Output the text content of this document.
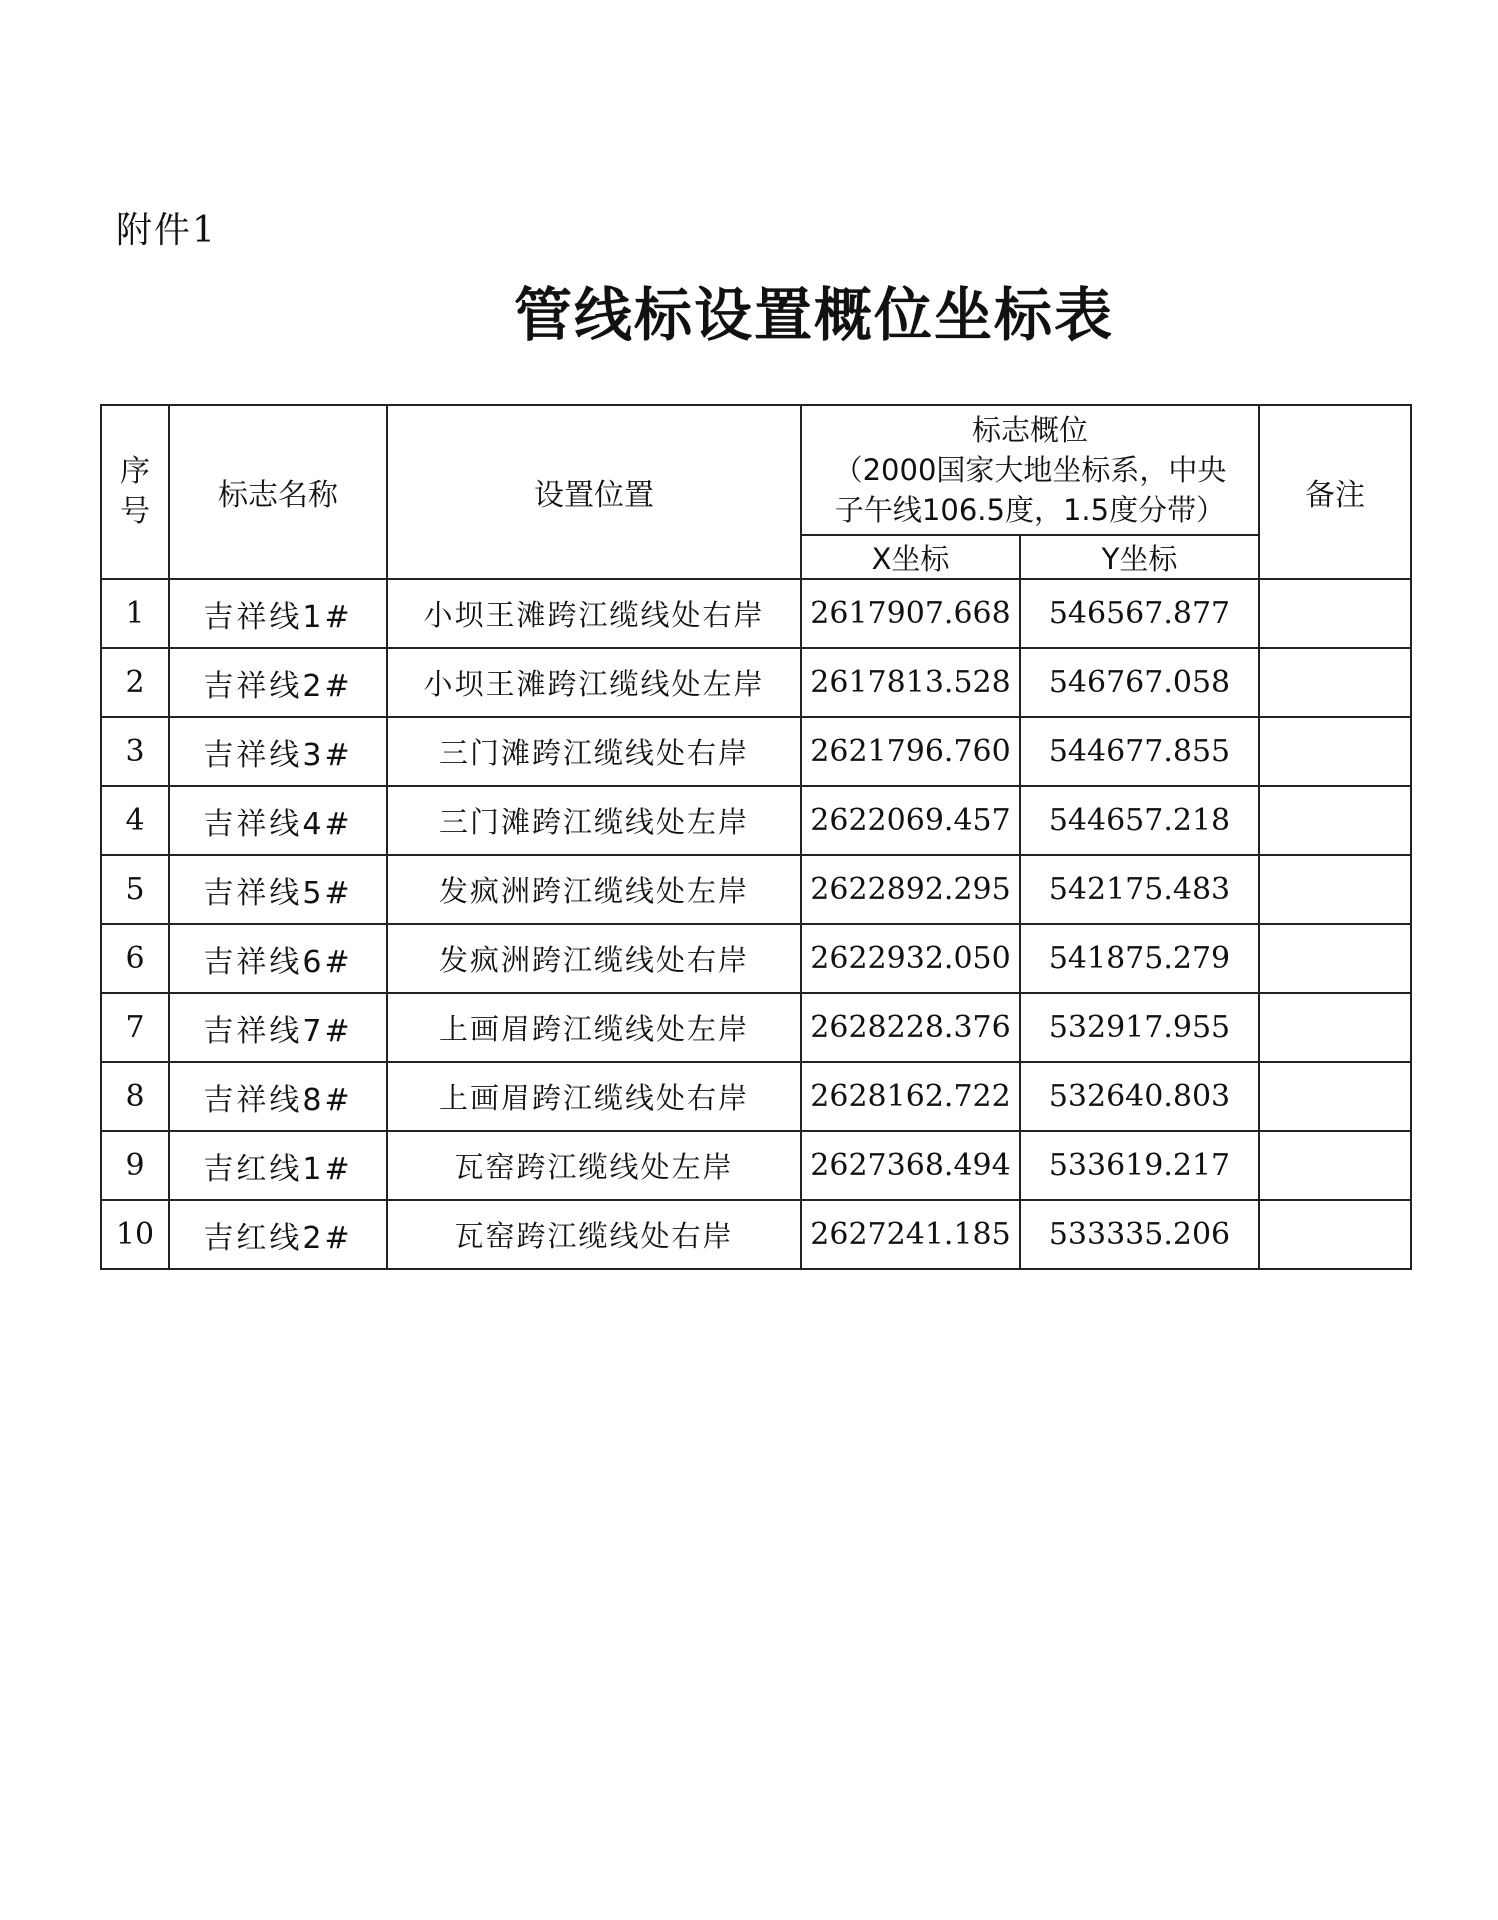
附件1
管线标设置概位坐标表
序号	标志名称	设置位置	标志概位
（2000国家大地坐标系，中央
子午线106.5度，1.5度分带）		备注
			X坐标	Y坐标	
1	吉祥线1#	小坝王滩跨江缆线处右岸	2617907.668	546567.877	
2	吉祥线2#	小坝王滩跨江缆线处左岸	2617813.528	546767.058	
3	吉祥线3#	三门滩跨江缆线处右岸	2621796.760	544677.855	
4	吉祥线4#	三门滩跨江缆线处左岸	2622069.457	544657.218	
5	吉祥线5#	发疯洲跨江缆线处左岸	2622892.295	542175.483	
6	吉祥线6#	发疯洲跨江缆线处右岸	2622932.050	541875.279	
7	吉祥线7#	上画眉跨江缆线处左岸	2628228.376	532917.955	
8	吉祥线8#	上画眉跨江缆线处右岸	2628162.722	532640.803	
9	吉红线1#	瓦窑跨江缆线处左岸	2627368.494	533619.217	
10	吉红线2#	瓦窑跨江缆线处右岸	2627241.185	533335.206	
